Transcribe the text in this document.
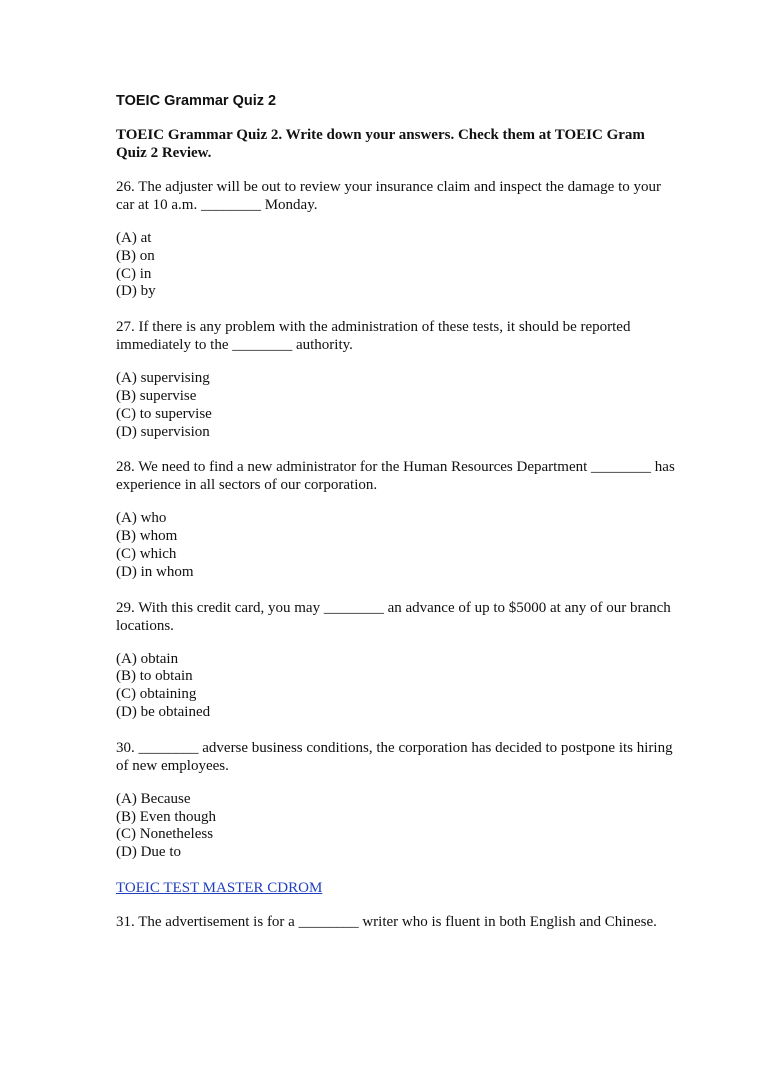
TOEIC Grammar Quiz 2
TOEIC Grammar Quiz 2. Write down your answers. Check them at TOEIC Gram Quiz 2 Review.
26. The adjuster will be out to review your insurance claim and inspect the damage to your car at 10 a.m. ________ Monday.
(A) at
(B) on
(C) in
(D) by
27. If there is any problem with the administration of these tests, it should be reported immediately to the ________ authority.
(A) supervising
(B) supervise
(C) to supervise
(D) supervision
28. We need to find a new administrator for the Human Resources Department ________ has experience in all sectors of our corporation.
(A) who
(B) whom
(C) which
(D) in whom
29. With this credit card, you may ________ an advance of up to $5000 at any of our branch locations.
(A) obtain
(B) to obtain
(C) obtaining
(D) be obtained
30. ________ adverse business conditions, the corporation has decided to postpone its hiring of new employees.
(A) Because
(B) Even though
(C) Nonetheless
(D) Due to
TOEIC TEST MASTER CDROM
31. The advertisement is for a ________ writer who is fluent in both English and Chinese.
